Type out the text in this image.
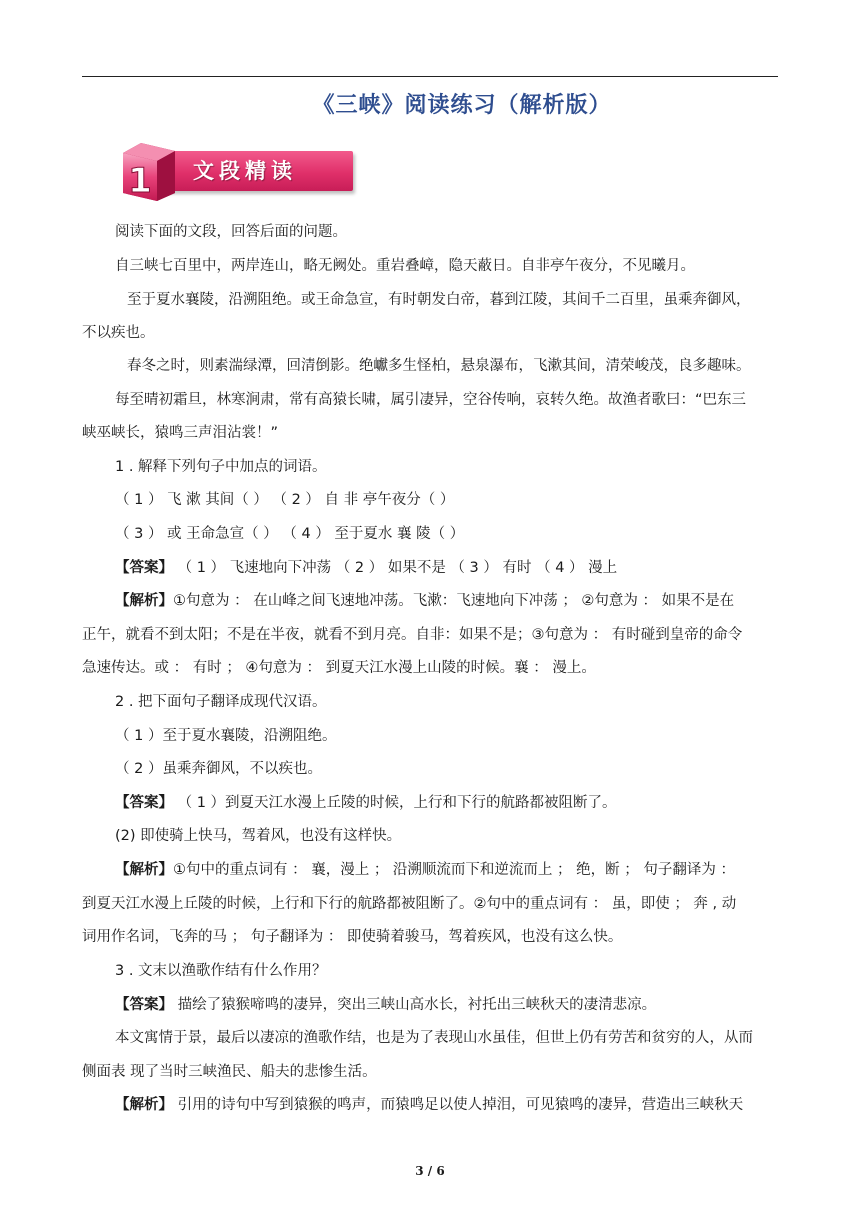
《三峡》阅读练习（解析版）
文段精读
1
阅读下面的文段，回答后面的问题。
自三峡七百里中，两岸连山，略无阙处。重岩叠嶂，隐天蔽日。自非亭午夜分，不见曦月。
至于夏水襄陵，沿溯阻绝。或王命急宣，有时朝发白帝，暮到江陵，其间千二百里，虽乘奔御风，
不以疾也。
春冬之时，则素湍绿潭，回清倒影。绝巘多生怪柏，悬泉瀑布，飞漱其间，清荣峻茂，良多趣味。
每至晴初霜旦，林寒涧肃，常有高猿长啸，属引凄异，空谷传响，哀转久绝。故渔者歌曰：“巴东三
峡巫峡长，猿鸣三声泪沾裳！”
1 . 解释下列句子中加点的词语。
（ 1 ） 飞 漱 其间（ ） （ 2 ） 自 非 亭午夜分（ ）
（ 3 ） 或 王命急宣（ ） （ 4 ） 至于夏水 襄 陵（ ）
【答案】 （ 1 ） 飞速地向下冲荡 （ 2 ） 如果不是 （ 3 ） 有时 （ 4 ） 漫上
【解析】①句意为 ： 在山峰之间飞速地冲荡。飞漱：飞速地向下冲荡 ； ②句意为 ： 如果不是在
正午，就看不到太阳；不是在半夜，就看不到月亮。自非：如果不是；③句意为 ： 有时碰到皇帝的命令
急速传达。或 ： 有时 ； ④句意为 ： 到夏天江水漫上山陵的时候。襄 ： 漫上。
2 . 把下面句子翻译成现代汉语。
（ 1 ）至于夏水襄陵，沿溯阻绝。
（ 2 ）虽乘奔御风，不以疾也。
【答案】 （ 1 ）到夏天江水漫上丘陵的时候，上行和下行的航路都被阻断了。
(2) 即使骑上快马，驾着风，也没有这样快。
【解析】①句中的重点词有 ： 襄，漫上 ； 沿溯顺流而下和逆流而上 ； 绝，断 ； 句子翻译为 ：
到夏天江水漫上丘陵的时候，上行和下行的航路都被阻断了。②句中的重点词有 ： 虽，即使 ； 奔 , 动
词用作名词，飞奔的马 ； 句子翻译为 ： 即使骑着骏马，驾着疾风，也没有这么快。
3 . 文末以渔歌作结有什么作用？
【答案】 描绘了猿猴啼鸣的凄异，突出三峡山高水长，衬托出三峡秋天的凄清悲凉。
本文寓情于景，最后以凄凉的渔歌作结，也是为了表现山水虽佳，但世上仍有劳苦和贫穷的人，从而
侧面表 现了当时三峡渔民、船夫的悲惨生活。
【解析】 引用的诗句中写到猿猴的鸣声，而猿鸣足以使人掉泪，可见猿鸣的凄异，营造出三峡秋天
3 / 6
